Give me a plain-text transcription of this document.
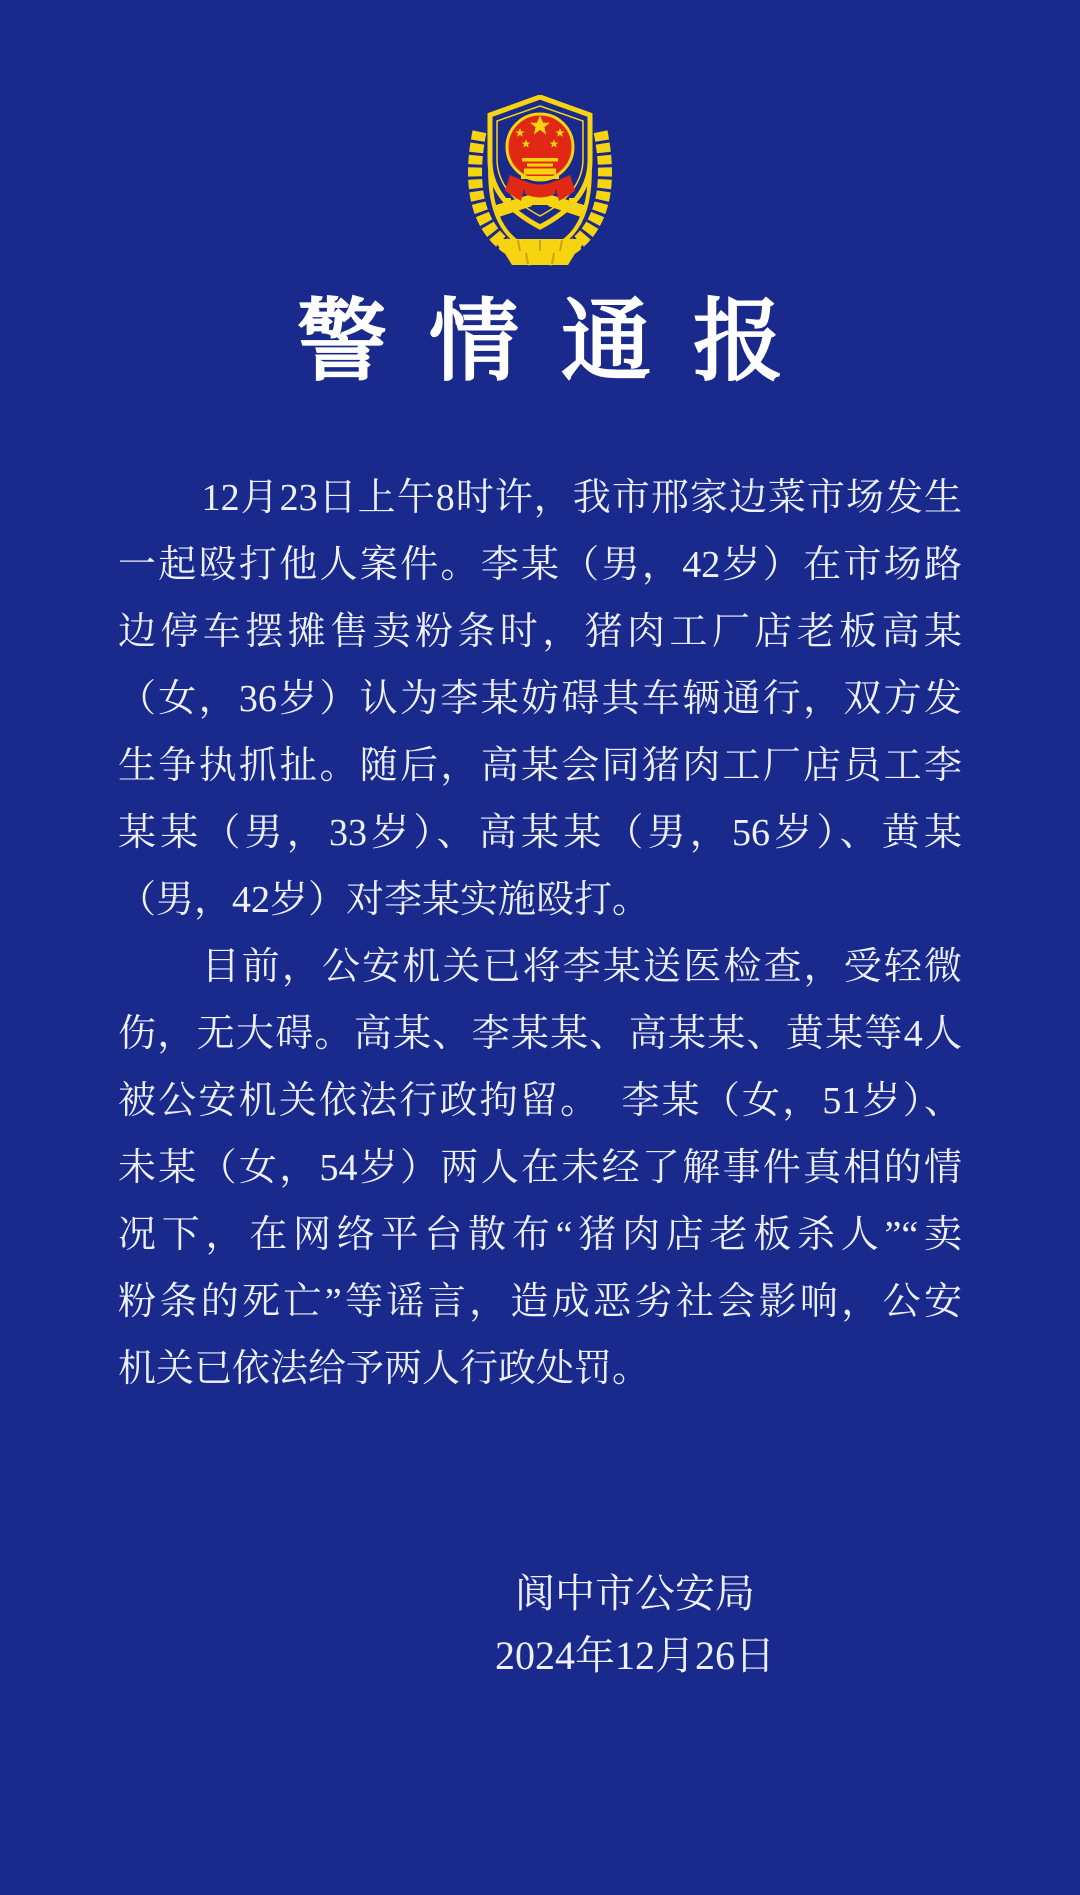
警情通报
12月23日上午8时许，我市邢家边菜市场发生
一起殴打他人案件。李某（男，42岁）在市场路
边停车摆摊售卖粉条时，猪肉工厂店老板高某
（女，36岁）认为李某妨碍其车辆通行，双方发
生争执抓扯。随后，高某会同猪肉工厂店员工李
某某（男，33岁）、高某某（男，56岁）、黄某
（男，42岁）对李某实施殴打。
目前，公安机关已将李某送医检查，受轻微
伤，无大碍。高某、李某某、高某某、黄某等4人
被公安机关依法行政拘留。　李某（女，51岁）、
未某（女，54岁）两人在未经了解事件真相的情
况下，在网络平台散布“猪肉店老板杀人”“卖
粉条的死亡”等谣言，造成恶劣社会影响，公安
机关已依法给予两人行政处罚。
阆中市公安局
2024年12月26日
